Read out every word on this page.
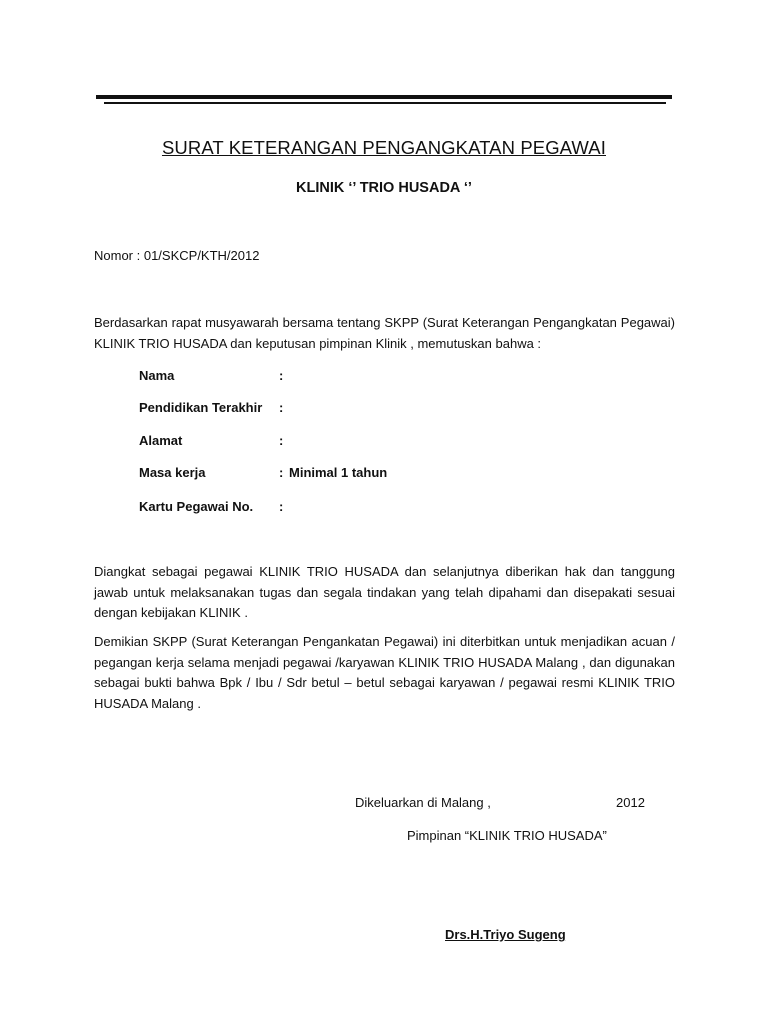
SURAT KETERANGAN PENGANGKATAN PEGAWAI
KLINIK ‘’ TRIO HUSADA ‘’
Nomor : 01/SKCP/KTH/2012
Berdasarkan rapat musyawarah bersama tentang SKPP (Surat Keterangan Pengangkatan Pegawai) KLINIK TRIO HUSADA dan keputusan pimpinan Klinik , memutuskan bahwa :
Nama	:
Pendidikan Terakhir :
Alamat	:
Masa kerja	: Minimal 1 tahun
Kartu Pegawai No. :
Diangkat sebagai pegawai KLINIK TRIO HUSADA dan selanjutnya diberikan hak dan tanggung jawab untuk melaksanakan tugas dan segala tindakan yang telah dipahami dan disepakati sesuai dengan kebijakan KLINIK .
Demikian SKPP (Surat Keterangan Pengankatan Pegawai) ini diterbitkan untuk menjadikan acuan / pegangan kerja selama menjadi pegawai /karyawan KLINIK TRIO HUSADA Malang , dan digunakan sebagai bukti bahwa Bpk / Ibu / Sdr betul – betul sebagai karyawan / pegawai resmi KLINIK TRIO HUSADA Malang .
Dikeluarkan di Malang ,	2012
Pimpinan “KLINIK TRIO HUSADA”
Drs.H.Triyo Sugeng
